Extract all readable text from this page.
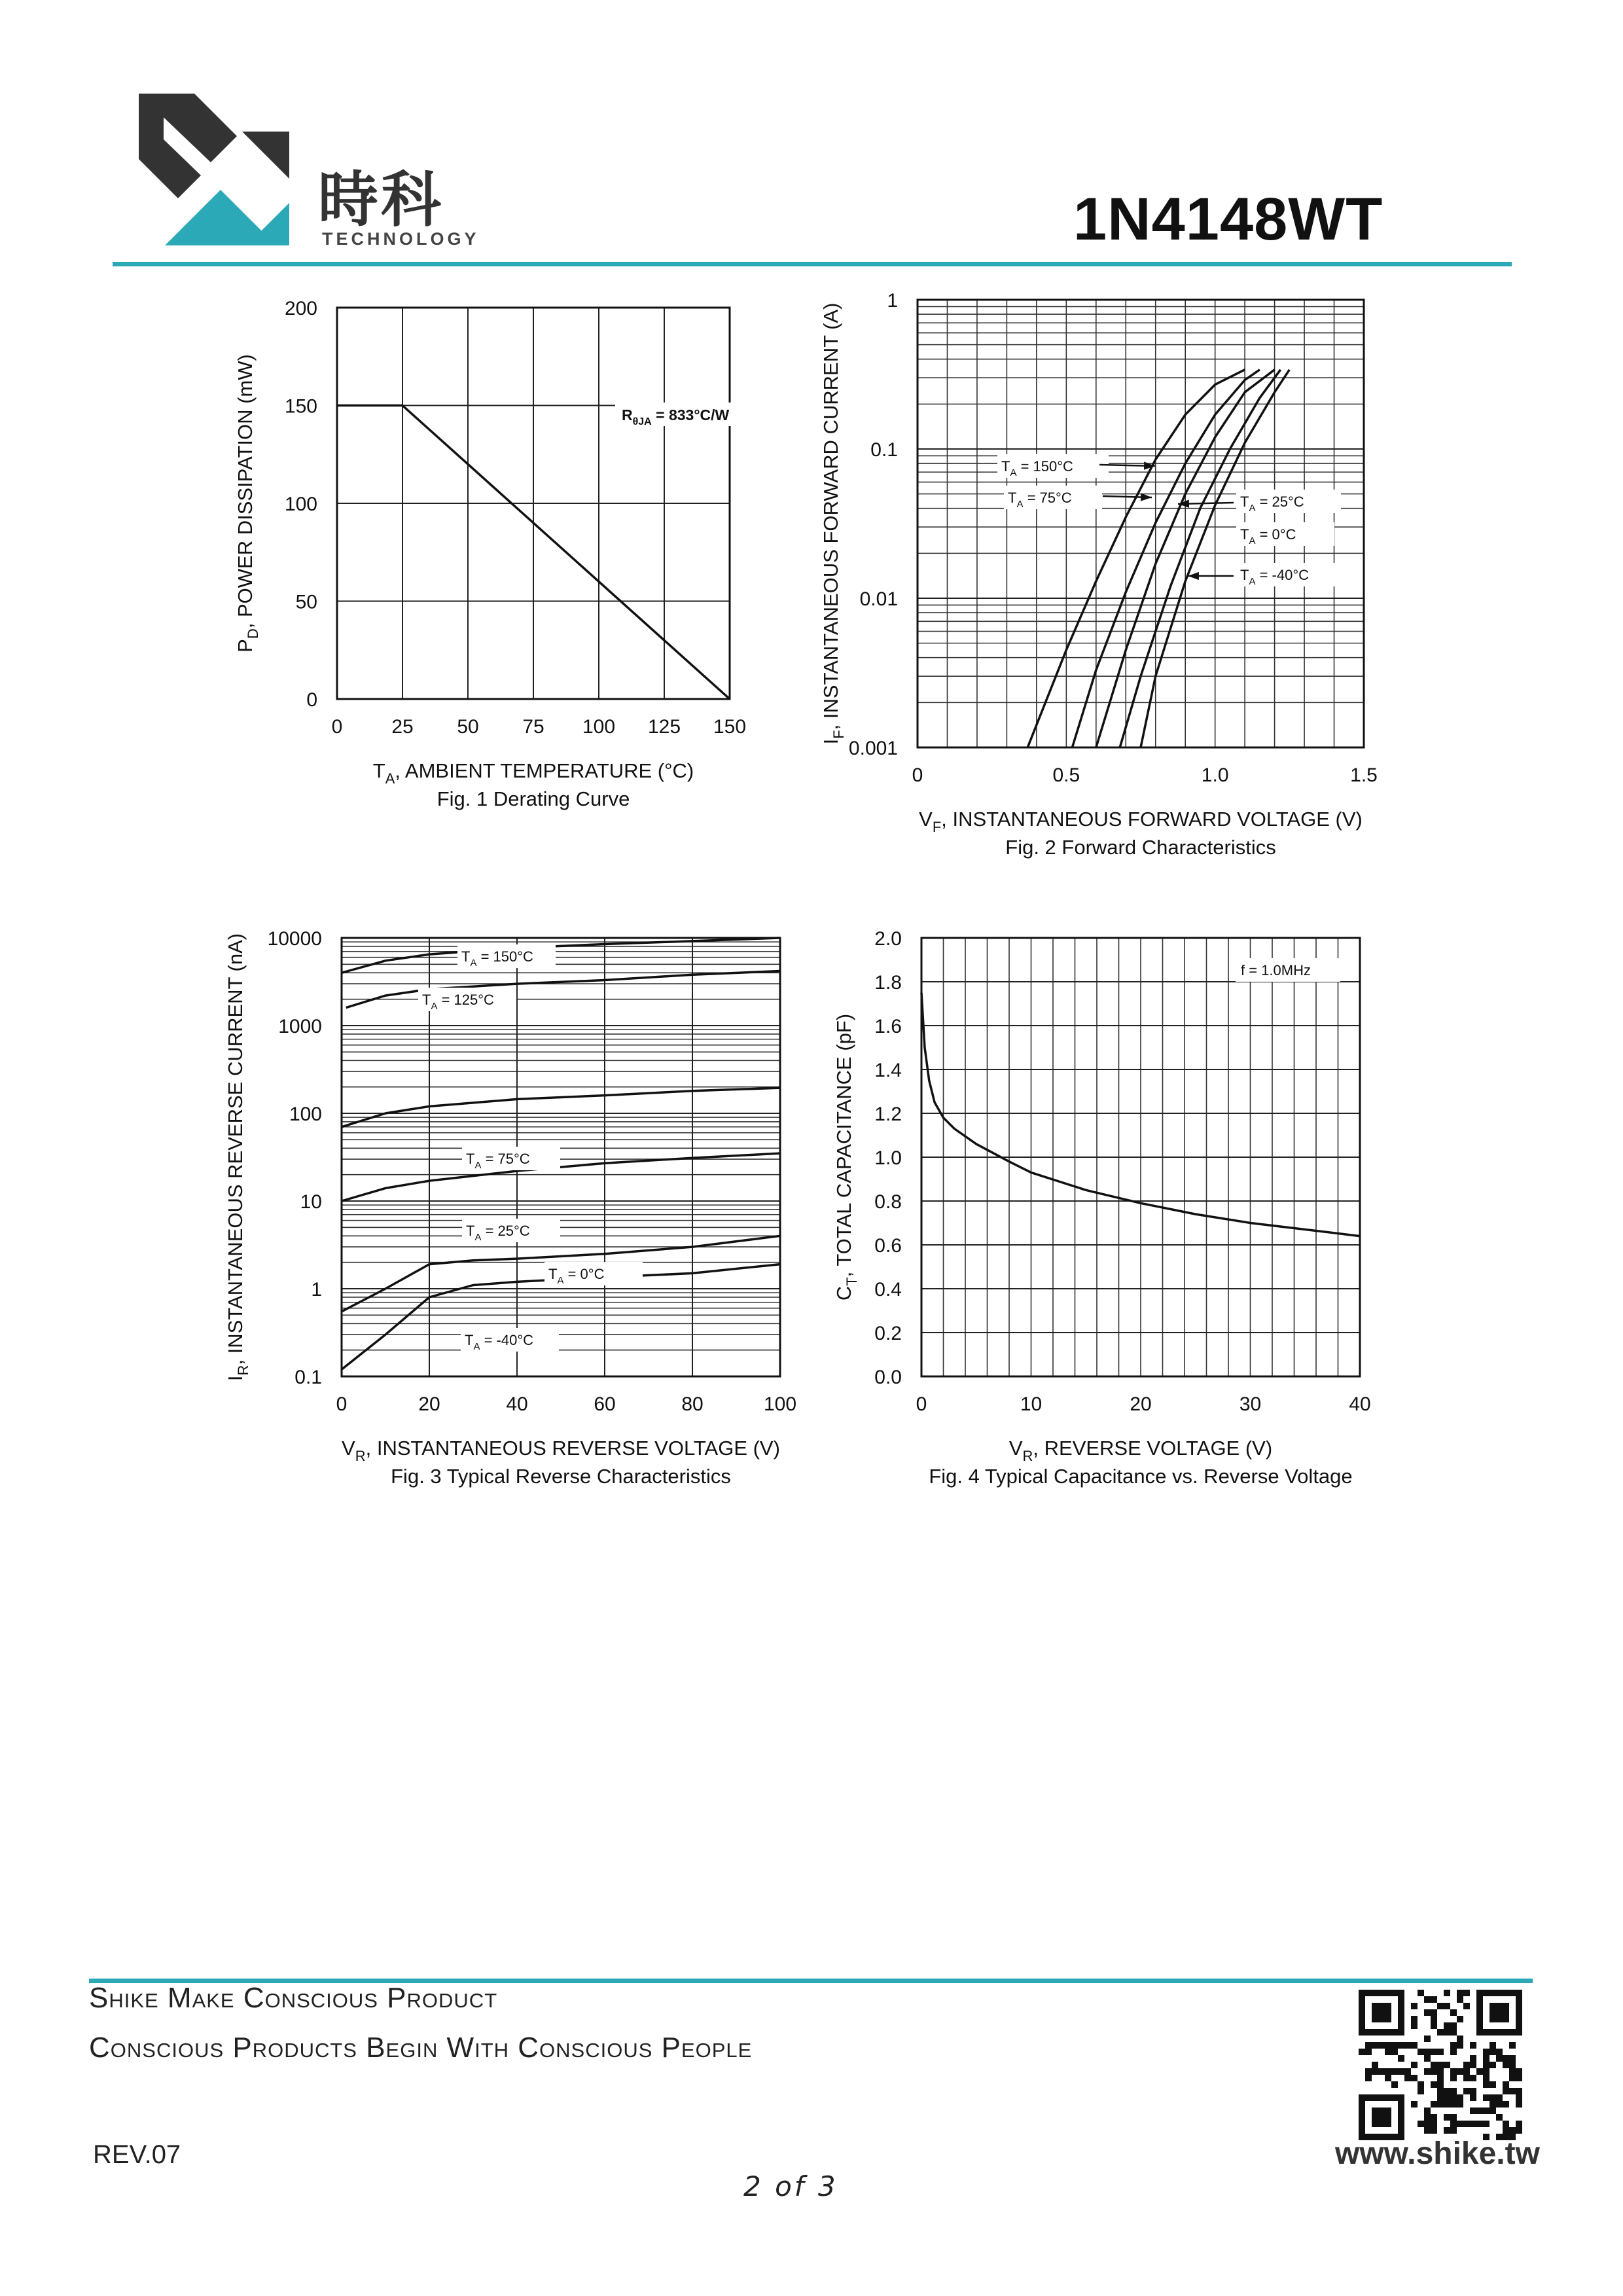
時科
TECHNOLOGY	1N4148WT
0
50
100
150
200
0 25 50 75 100 125 150
$T_A$, AMBIENT TEMPERATURE (°C)
$P_D$, POWER DISSIPATION (mW)
Fig. 1 Derating Curve
$R_{\theta JA} = 833^\circ C/W$
0.001
0.01
0.1
1
0	0.5	1.0	1.5
$V_F$, INSTANTANEOUS FORWARD VOLTAGE (V)
$I_F$, INSTANTANEOUS FORWARD CURRENT (A)
Fig. 2 Forward Characteristics
$T_A = 150^\circ C$
$T_A = 75^\circ C$	$T_A = 25^\circ C$
$T_A = 0^\circ C$
$T_A = -40^\circ C$
0.1
1
10
100
1000
10000
0	20	40	60	80	100
$V_R$, INSTANTANEOUS REVERSE VOLTAGE (V)
$I_R$, INSTANTANEOUS REVERSE CURRENT (nA)
Fig. 3 Typical Reverse Characteristics
$T_A = 150^\circ C$
$T_A = 125^\circ C$
$T_A = 75^\circ C$
$T_A = 25^\circ C$
$T_A = 0^\circ C$
$T_A = -40^\circ C$
0.0
0.2
0.4
0.6
0.8
1.0
1.2
1.4
1.6
1.8
2.0
0	10	20	30	40
$V_R$, REVERSE VOLTAGE (V)
$C_T$, TOTAL CAPACITANCE (pF)
Fig. 4 Typical Capacitance vs. Reverse Voltage
f = 1.0MHz
Shike Make Conscious Product
Conscious Products Begin With Conscious People
REV.07
2 of 3
www.shike.tw
